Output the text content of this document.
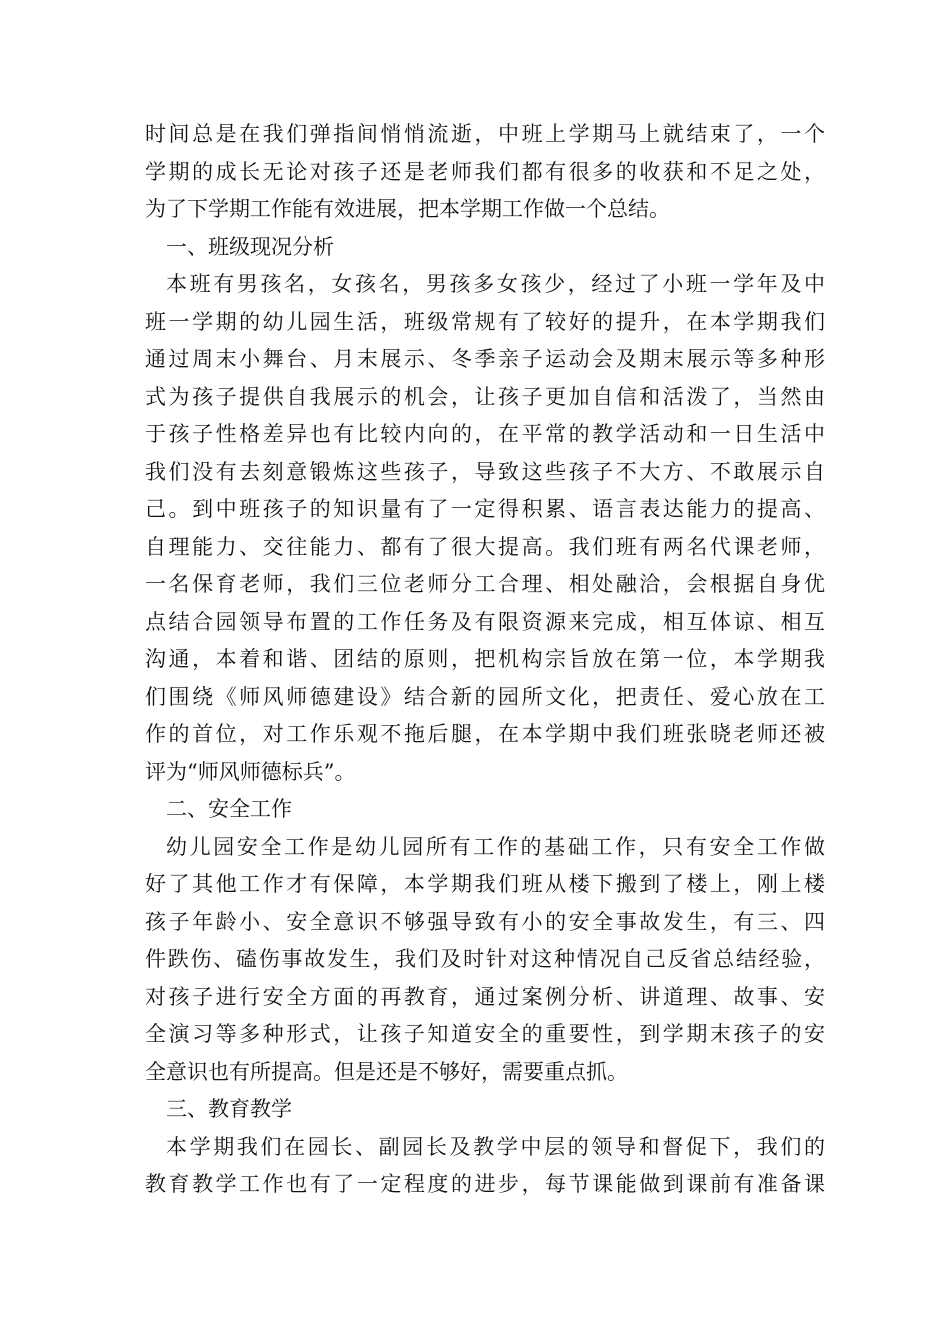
时间总是在我们弹指间悄悄流逝，中班上学期马上就结束了，一个
学期的成长无论对孩子还是老师我们都有很多的收获和不足之处，
为了下学期工作能有效进展，把本学期工作做一个总结。
一、班级现况分析
本班有男孩名，女孩名，男孩多女孩少，经过了小班一学年及中
班一学期的幼儿园生活，班级常规有了较好的提升，在本学期我们
通过周末小舞台、月末展示、冬季亲子运动会及期末展示等多种形
式为孩子提供自我展示的机会，让孩子更加自信和活泼了，当然由
于孩子性格差异也有比较内向的，在平常的教学活动和一日生活中
我们没有去刻意锻炼这些孩子，导致这些孩子不大方、不敢展示自
己。到中班孩子的知识量有了一定得积累、语言表达能力的提高、
自理能力、交往能力、都有了很大提高。我们班有两名代课老师，
一名保育老师，我们三位老师分工合理、相处融洽，会根据自身优
点结合园领导布置的工作任务及有限资源来完成，相互体谅、相互
沟通，本着和谐、团结的原则，把机构宗旨放在第一位，本学期我
们围绕《师风师德建设》结合新的园所文化，把责任、爱心放在工
作的首位，对工作乐观不拖后腿，在本学期中我们班张晓老师还被
评为“师风师德标兵”。
二、安全工作
幼儿园安全工作是幼儿园所有工作的基础工作，只有安全工作做
好了其他工作才有保障，本学期我们班从楼下搬到了楼上，刚上楼
孩子年龄小、安全意识不够强导致有小的安全事故发生，有三、四
件跌伤、磕伤事故发生，我们及时针对这种情况自己反省总结经验，
对孩子进行安全方面的再教育，通过案例分析、讲道理、故事、安
全演习等多种形式，让孩子知道安全的重要性，到学期末孩子的安
全意识也有所提高。但是还是不够好，需要重点抓。
三、教育教学
本学期我们在园长、副园长及教学中层的领导和督促下，我们的
教育教学工作也有了一定程度的进步，每节课能做到课前有准备课
